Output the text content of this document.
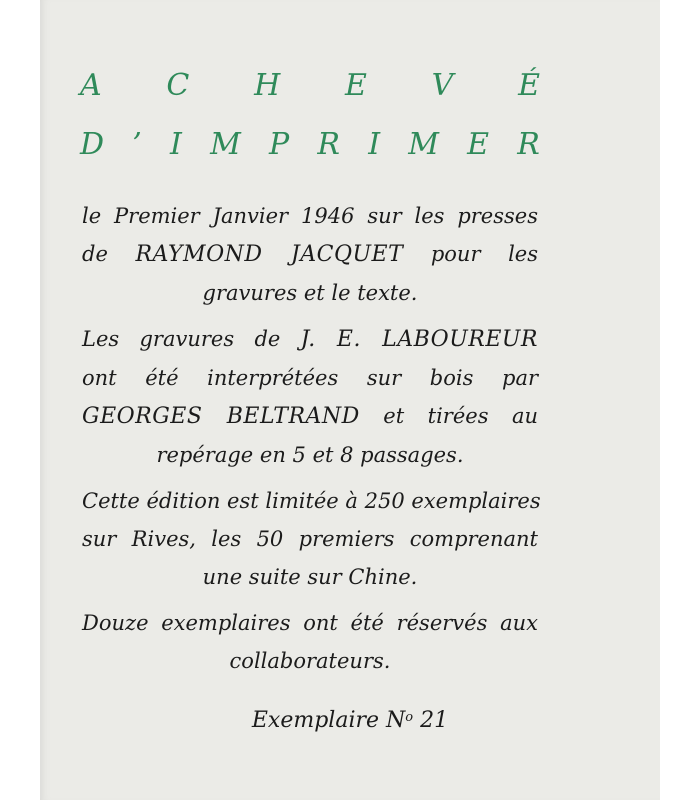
A C H E V É
D ’ I M P R I M E R
le Premier Janvier 1946 sur les presses
de RAYMOND JACQUET pour les
gravures et le texte.
Les gravures de J. E. LABOUREUR
ont été interprétées sur bois par
GEORGES BELTRAND et tirées au
repérage en 5 et 8 passages.
Cette édition est limitée à 250 exemplaires
sur Rives, les 50 premiers comprenant
une suite sur Chine.
Douze exemplaires ont été réservés aux
collaborateurs.
Exemplaire $N^o$ 21
